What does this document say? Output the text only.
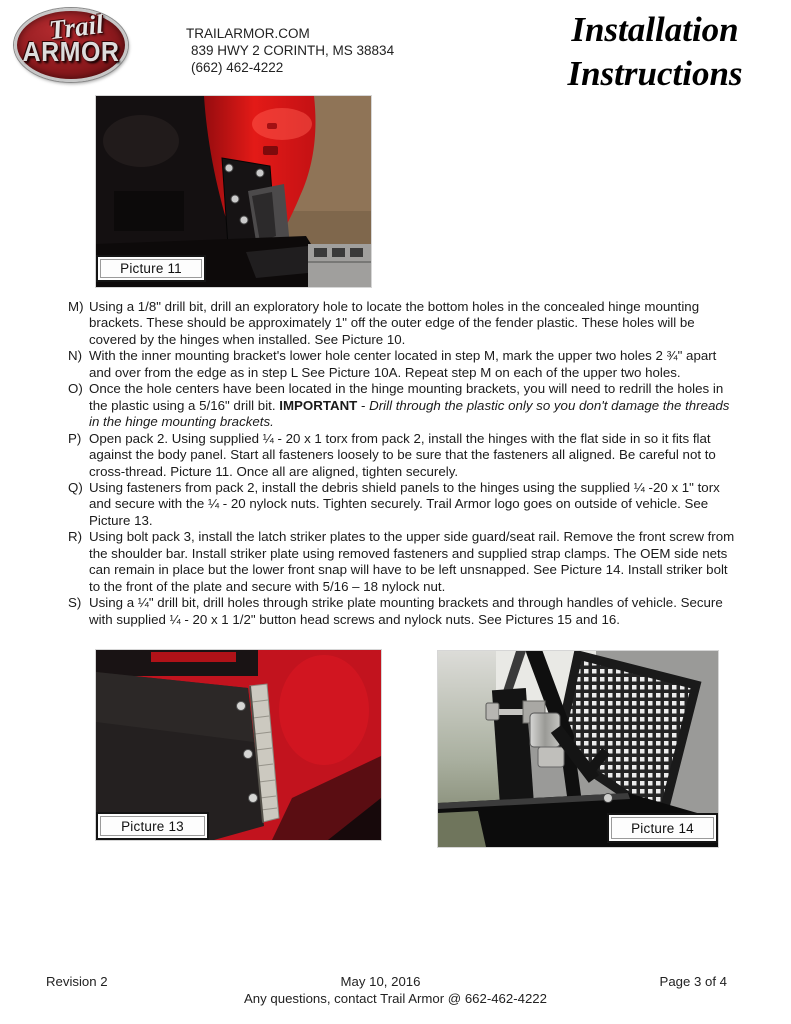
Trail
ARMOR
TRAILARMOR.COM
839 HWY 2 CORINTH, MS 38834
(662) 462-4222
Installation
Instructions
Picture 11
M) Using a 1/8" drill bit, drill an exploratory hole to locate the bottom holes in the concealed hinge mounting brackets. These should be approximately 1" off the outer edge of the fender plastic. These holes will be covered by the hinges when installed. See Picture 10.
N) With the inner mounting bracket's lower hole center located in step M, mark the upper two holes 2 ¾" apart and over from the edge as in step L See Picture 10A. Repeat step M on each of the upper two holes.
O) Once the hole centers have been located in the hinge mounting brackets, you will need to redrill the holes in the plastic using a 5/16" drill bit. IMPORTANT - Drill through the plastic only so you don't damage the threads in the hinge mounting brackets.
P) Open pack 2. Using supplied ¼ - 20 x 1 torx from pack 2, install the hinges with the flat side in so it fits flat against the body panel. Start all fasteners loosely to be sure that the fasteners all aligned. Be careful not to cross-thread. Picture 11. Once all are aligned, tighten securely.
Q) Using fasteners from pack 2, install the debris shield panels to the hinges using the supplied ¼ -20 x 1" torx and secure with the ¼ - 20 nylock nuts. Tighten securely. Trail Armor logo goes on outside of vehicle. See Picture 13.
R) Using bolt pack 3, install the latch striker plates to the upper side guard/seat rail. Remove the front screw from the shoulder bar. Install striker plate using removed fasteners and supplied strap clamps. The OEM side nets can remain in place but the lower front snap will have to be left unsnapped. See Picture 14. Install striker bolt to the front of the plate and secure with 5/16 – 18 nylock nut.
S) Using a ¼" drill bit, drill holes through strike plate mounting brackets and through handles of vehicle. Secure with supplied ¼ - 20 x 1 1/2" button head screws and nylock nuts. See Pictures 15 and 16.
Picture 13	Picture 14
Revision 2	May 10, 2016	Page 3 of 4
Any questions, contact Trail Armor @ 662-462-4222
